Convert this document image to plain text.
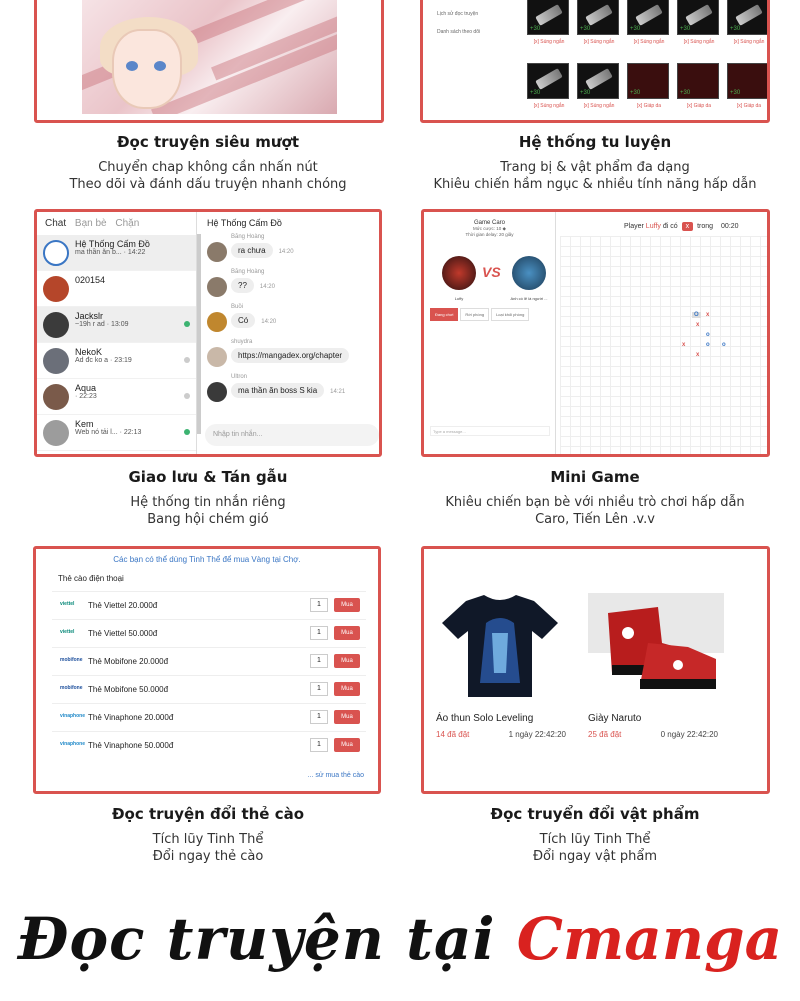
Đọc truyện siêu mượt
Chuyển chap không cần nhấn nút
Theo dõi và đánh dấu truyện nhanh chóng
Lịch sử đọc truyện
Danh sách theo dõi	+30	+30	+30	+30	+30
[x] Súng ngắn	[x] Súng ngắn	[x] Súng ngắn	[x] Súng ngắn	[x] Súng ngắn
+30	+30	+30	+30	+30
[x] Súng ngắn	[x] Súng ngắn	[x] Giáp da	[x] Giáp da	[x] Giáp da
Hệ thống tu luyện
Trang bị & vật phẩm đa dạng
Khiêu chiến hầm ngục & nhiều tính năng hấp dẫn
Chat Bạn bè Chặn
Hệ Thống Cấm Đồ
ma thần ăn b... · 14:22
020154
Jackslr
~19h r ad · 13:09
NekoK
Ad đc ko a · 23:19
Aqua
· 22:23
Kem
Web nó tải l... · 22:13
Hệ Thống Cấm Đồ
Băng Hoàng
ra chưa 14:20
Băng Hoàng
?? 14:20
Buồi
Có 14:20
shuydra
https://mangadex.org/chapter
Ultron
ma thần ăn boss S kia 14:21
Nhập tin nhắn...
Giao lưu & Tán gẫu
Hệ thống tin nhắn riêng
Bang hội chém gió
Game Caro
Mức cược: 10 ◆
Thời gian delay: 20 giây
VS
Luffy	Anh có lẽ là người ...
Đang chơi	Rời phòng	Loại khỏi phòng
Type a message...
Player Luffy đi có x trong 00:20
O	x
x
o
x	o o
x
Mini Game
Khiêu chiến bạn bè với nhiều trò chơi hấp dẫn
Caro, Tiến Lên .v.v
Các bạn có thể dùng Tinh Thể để mua Vàng tại Chợ.
Thẻ cào điện thoại
viettel	Thẻ Viettel 20.000đ	1	Mua
viettel	Thẻ Viettel 50.000đ	1	Mua
mobifone Thẻ Mobifone 20.000đ	1	Mua
mobifone Thẻ Mobifone 50.000đ	1	Mua
vinaphone Thẻ Vinaphone 20.000đ	1	Mua
vinaphone Thẻ Vinaphone 50.000đ	1	Mua
... sử mua thẻ cào
Đọc truyện đổi thẻ cào
Tích lũy Tinh Thể
Đổi ngay thẻ cào
Áo thun Solo Leveling
14 đã đặt	1 ngày 22:42:20
Giày Naruto
25 đã đặt	0 ngày 22:42:20
Đọc truyển đổi vật phẩm
Tích lũy Tinh Thể
Đổi ngay vật phẩm
Đọc truyện tại Cmanga
